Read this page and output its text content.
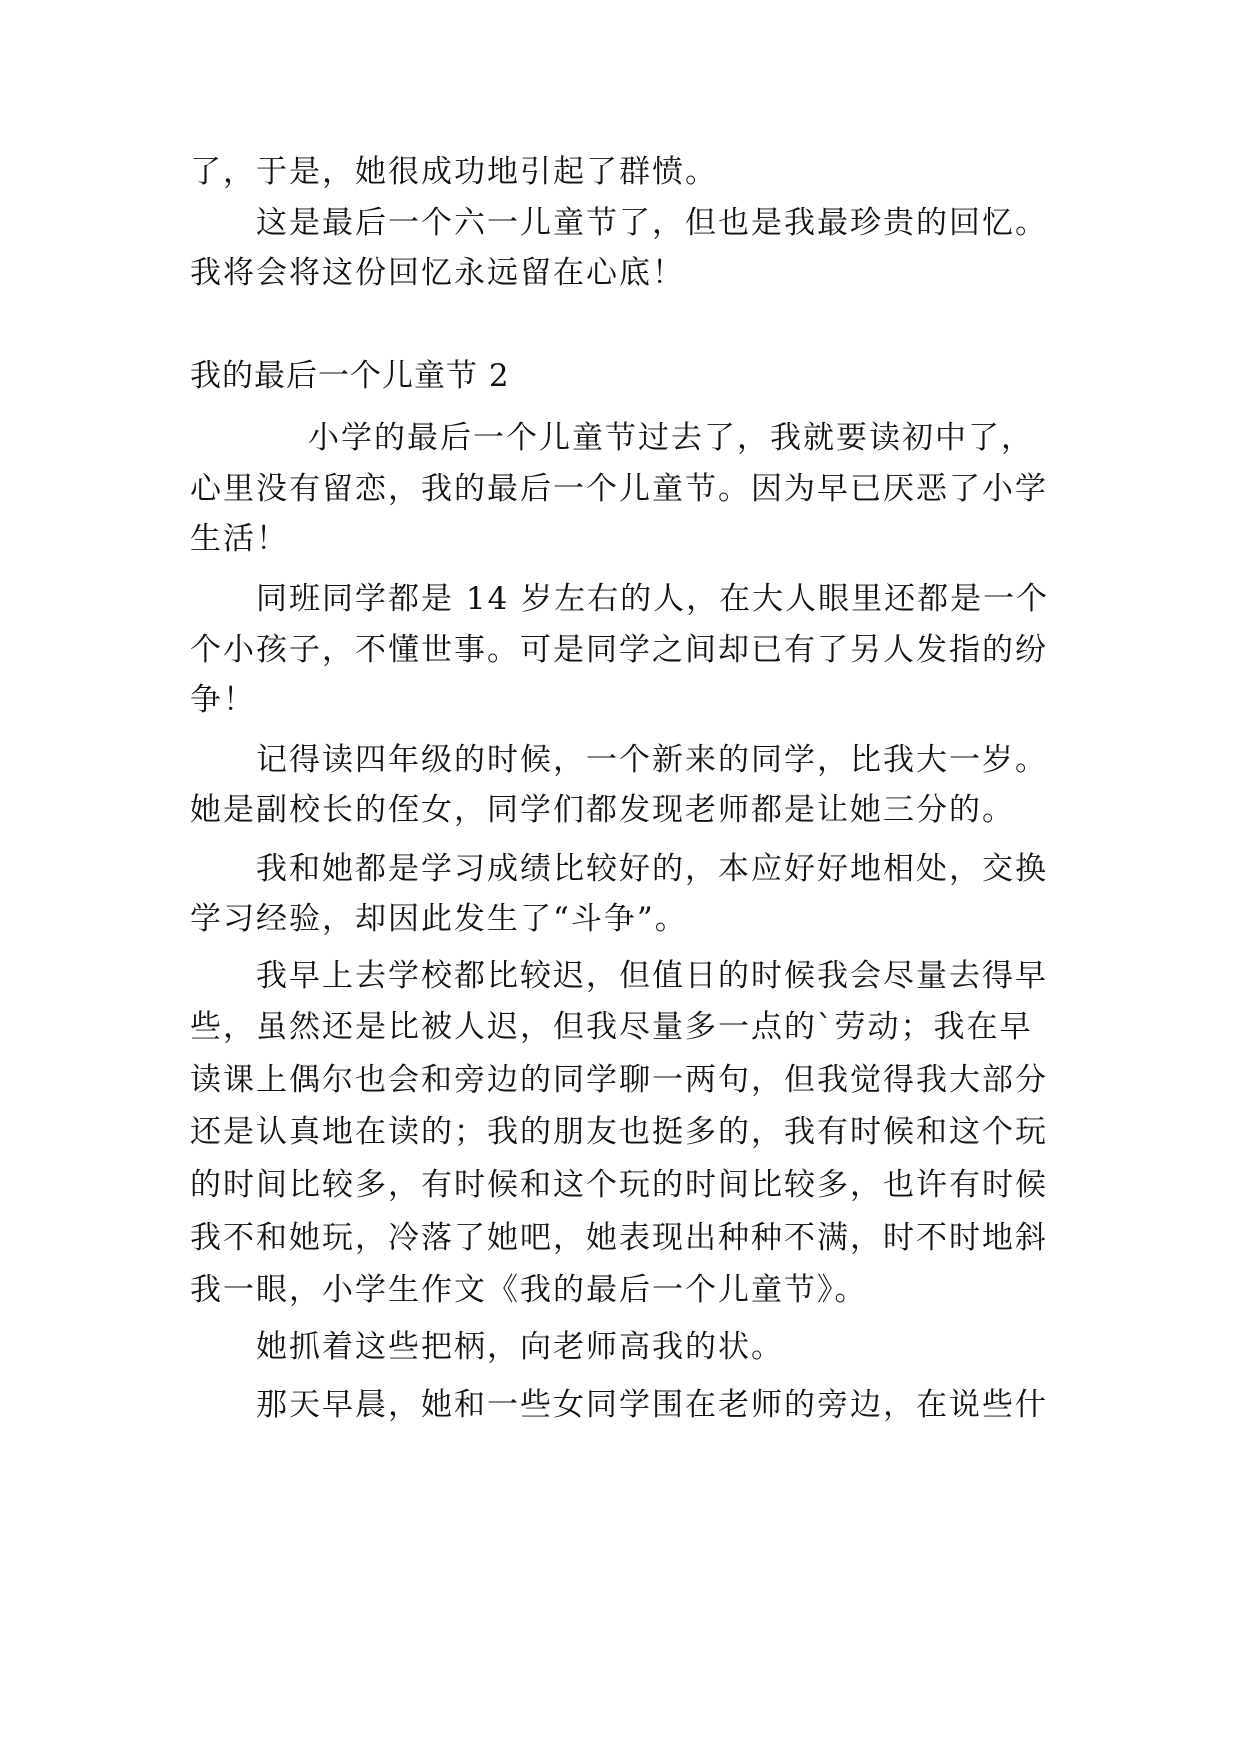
了，于是，她很成功地引起了群愤。
这是最后一个六一儿童节了，但也是我最珍贵的回忆。
我将会将这份回忆永远留在心底！
我的最后一个儿童节 2
小学的最后一个儿童节过去了，我就要读初中了，
心里没有留恋，我的最后一个儿童节。因为早已厌恶了小学
生活！
同班同学都是 14 岁左右的人，在大人眼里还都是一个
个小孩子，不懂世事。可是同学之间却已有了另人发指的纷
争！
记得读四年级的时候，一个新来的同学，比我大一岁。
她是副校长的侄女，同学们都发现老师都是让她三分的。
我和她都是学习成绩比较好的，本应好好地相处，交换
学习经验，却因此发生了“斗争”。
我早上去学校都比较迟，但值日的时候我会尽量去得早
些，虽然还是比被人迟，但我尽量多一点的`劳动；我在早
读课上偶尔也会和旁边的同学聊一两句，但我觉得我大部分
还是认真地在读的；我的朋友也挺多的，我有时候和这个玩
的时间比较多，有时候和这个玩的时间比较多，也许有时候
我不和她玩，冷落了她吧，她表现出种种不满，时不时地斜
我一眼，小学生作文《我的最后一个儿童节》。
她抓着这些把柄，向老师高我的状。
那天早晨，她和一些女同学围在老师的旁边，在说些什
